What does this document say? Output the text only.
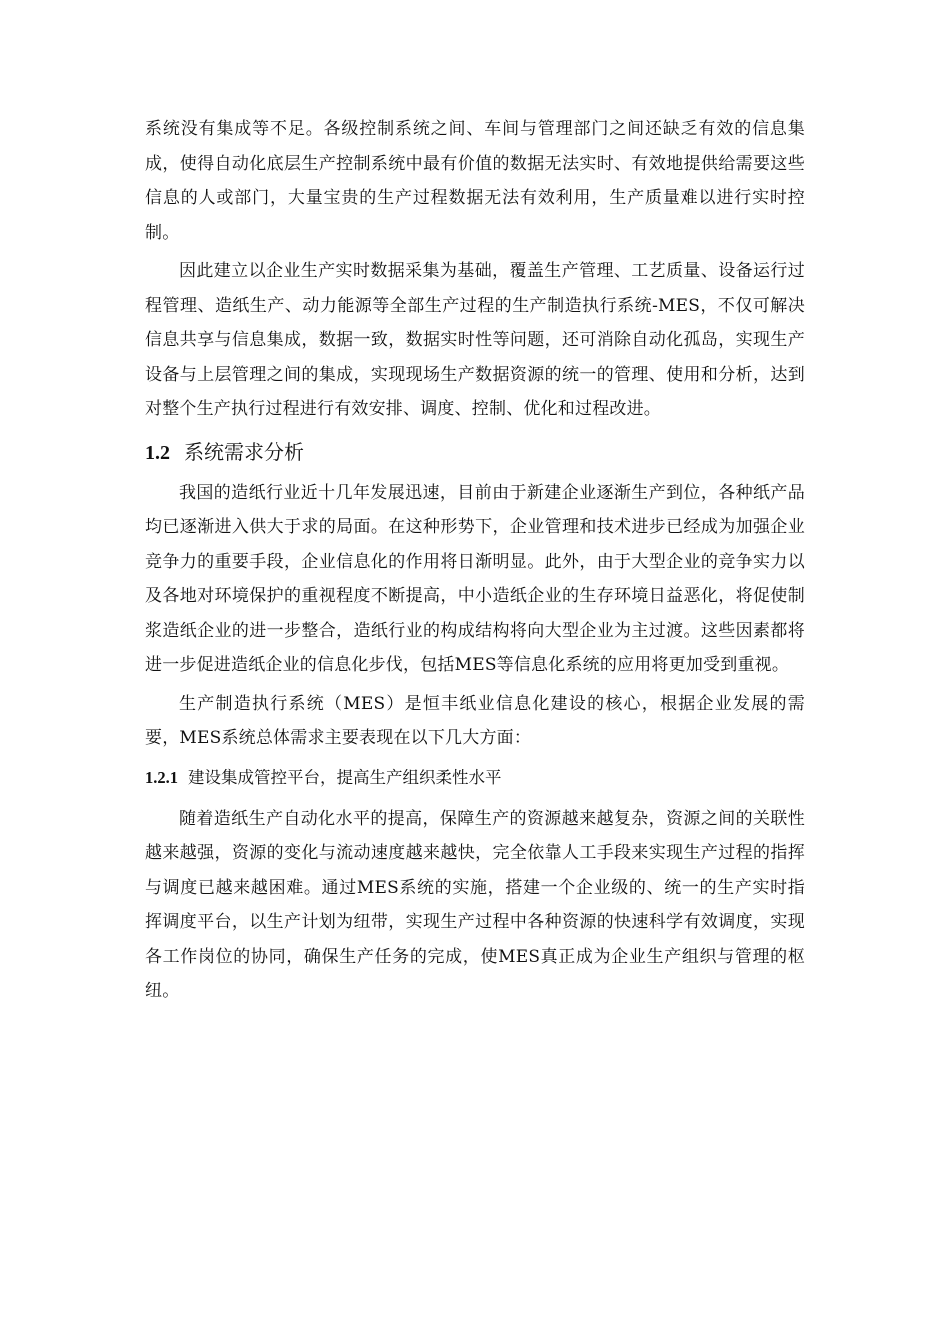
系统没有集成等不足。各级控制系统之间、车间与管理部门之间还缺乏有效的信息集成，使得自动化底层生产控制系统中最有价值的数据无法实时、有效地提供给需要这些信息的人或部门，大量宝贵的生产过程数据无法有效利用，生产质量难以进行实时控制。

因此建立以企业生产实时数据采集为基础，覆盖生产管理、工艺质量、设备运行过程管理、造纸生产、动力能源等全部生产过程的生产制造执行系统-MES，不仅可解决信息共享与信息集成，数据一致，数据实时性等问题，还可消除自动化孤岛，实现生产设备与上层管理之间的集成，实现现场生产数据资源的统一的管理、使用和分析，达到对整个生产执行过程进行有效安排、调度、控制、优化和过程改进。

1.2 系统需求分析

我国的造纸行业近十几年发展迅速，目前由于新建企业逐渐生产到位，各种纸产品均已逐渐进入供大于求的局面。在这种形势下，企业管理和技术进步已经成为加强企业竞争力的重要手段，企业信息化的作用将日渐明显。此外，由于大型企业的竞争实力以及各地对环境保护的重视程度不断提高，中小造纸企业的生存环境日益恶化，将促使制浆造纸企业的进一步整合，造纸行业的构成结构将向大型企业为主过渡。这些因素都将进一步促进造纸企业的信息化步伐，包括MES等信息化系统的应用将更加受到重视。

生产制造执行系统（MES）是恒丰纸业信息化建设的核心，根据企业发展的需要，MES系统总体需求主要表现在以下几大方面：

1.2.1 建设集成管控平台，提高生产组织柔性水平

随着造纸生产自动化水平的提高，保障生产的资源越来越复杂，资源之间的关联性越来越强，资源的变化与流动速度越来越快，完全依靠人工手段来实现生产过程的指挥与调度已越来越困难。通过MES系统的实施，搭建一个企业级的、统一的生产实时指挥调度平台，以生产计划为纽带，实现生产过程中各种资源的快速科学有效调度，实现各工作岗位的协同，确保生产任务的完成，使MES真正成为企业生产组织与管理的枢纽。
